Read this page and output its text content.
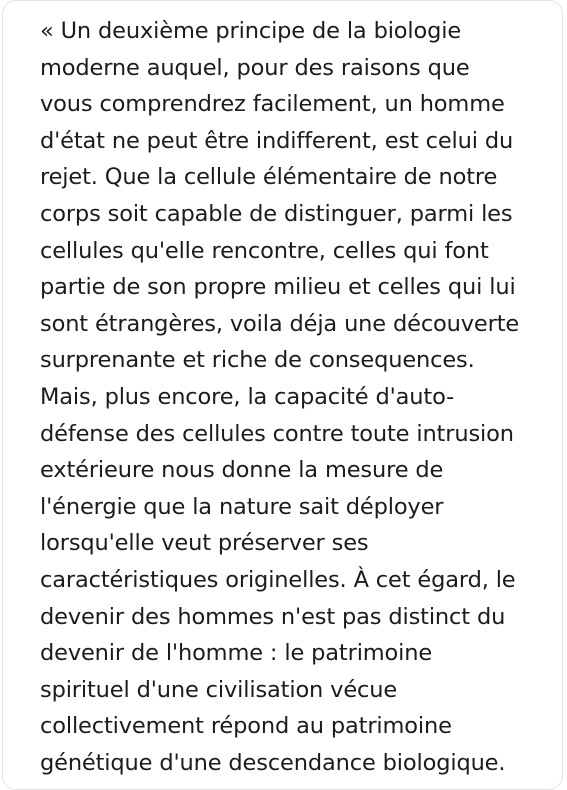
« Un deuxième principe de la biologie
moderne auquel, pour des raisons que
vous comprendrez facilement, un homme
d'état ne peut être indifferent, est celui du
rejet. Que la cellule élémentaire de notre
corps soit capable de distinguer, parmi les
cellules qu'elle rencontre, celles qui font
partie de son propre milieu et celles qui lui
sont étrangères, voila déja une découverte
surprenante et riche de consequences.
Mais, plus encore, la capacité d'auto-
défense des cellules contre toute intrusion
extérieure nous donne la mesure de
l'énergie que la nature sait déployer
lorsqu'elle veut préserver ses
caractéristiques originelles. À cet égard, le
devenir des hommes n'est pas distinct du
devenir de l'homme : le patrimoine
spirituel d'une civilisation vécue
collectivement répond au patrimoine
génétique d'une descendance biologique.
